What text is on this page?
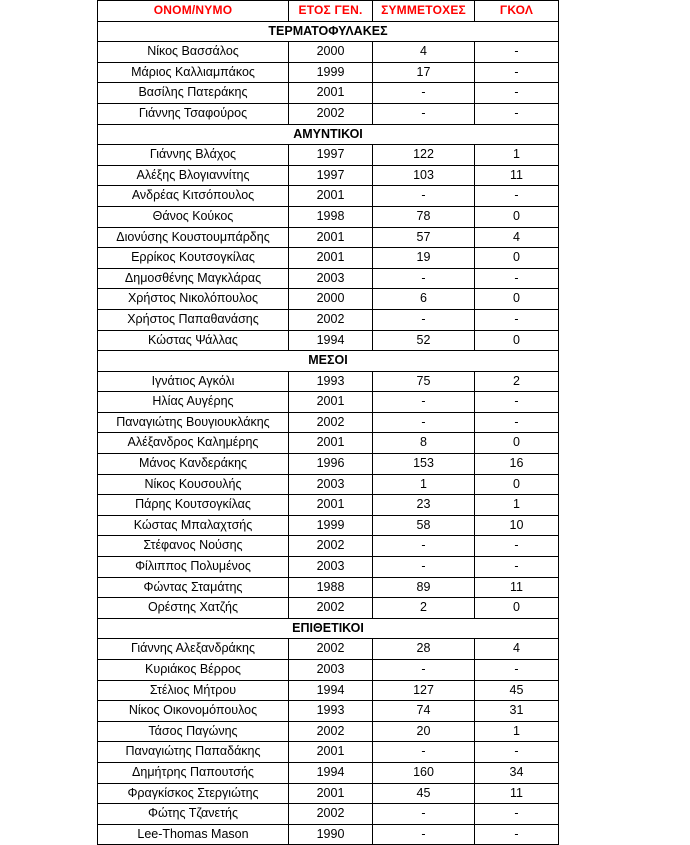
ΟΝΟΜ/ΝΥΜΟ	ΕΤΟΣ ΓΕΝ.	ΣΥΜΜΕΤΟΧΕΣ	ΓΚΟΛ
ΤΕΡΜΑΤΟΦΥΛΑΚΕΣ			
Νίκος Βασσάλος	2000	4	-
Μάριος Καλλιαμπάκος	1999	17	-
Βασίλης Πατεράκης	2001	-	-
Γιάννης Τσαφούρος	2002	-	-
ΑΜΥΝΤΙΚΟΙ			
Γιάννης Βλάχος	1997	122	1
Αλέξης Βλογιαννίτης	1997	103	11
Ανδρέας Κιτσόπουλος	2001	-	-
Θάνος Κούκος	1998	78	0
Διονύσης Κουστουμπάρδης	2001	57	4
Ερρίκος Κουτσογκίλας	2001	19	0
Δημοσθένης Μαγκλάρας	2003	-	-
Χρήστος Νικολόπουλος	2000	6	0
Χρήστος Παπαθανάσης	2002	-	-
Κώστας Ψάλλας	1994	52	0
ΜΕΣΟΙ			
Ιγνάτιος Αγκόλι	1993	75	2
Ηλίας Αυγέρης	2001	-	-
Παναγιώτης Βουγιουκλάκης	2002	-	-
Αλέξανδρος Καλημέρης	2001	8	0
Μάνος Κανδεράκης	1996	153	16
Νίκος Κουσουλής	2003	1	0
Πάρης Κουτσογκίλας	2001	23	1
Κώστας Μπαλαχτσής	1999	58	10
Στέφανος Νούσης	2002	-	-
Φίλιππος Πολυμένος	2003	-	-
Φώντας Σταμάτης	1988	89	11
Ορέστης Χατζής	2002	2	0
ΕΠΙΘΕΤΙΚΟΙ			
Γιάννης Αλεξανδράκης	2002	28	4
Κυριάκος Βέρρος	2003	-	-
Στέλιος Μήτρου	1994	127	45
Νίκος Οικονομόπουλος	1993	74	31
Τάσος Παγώνης	2002	20	1
Παναγιώτης Παπαδάκης	2001	-	-
Δημήτρης Παπουτσής	1994	160	34
Φραγκίσκος Στεργιώτης	2001	45	11
Φώτης Τζανετής	2002	-	-
Lee-Thomas Mason	1990	-	-
